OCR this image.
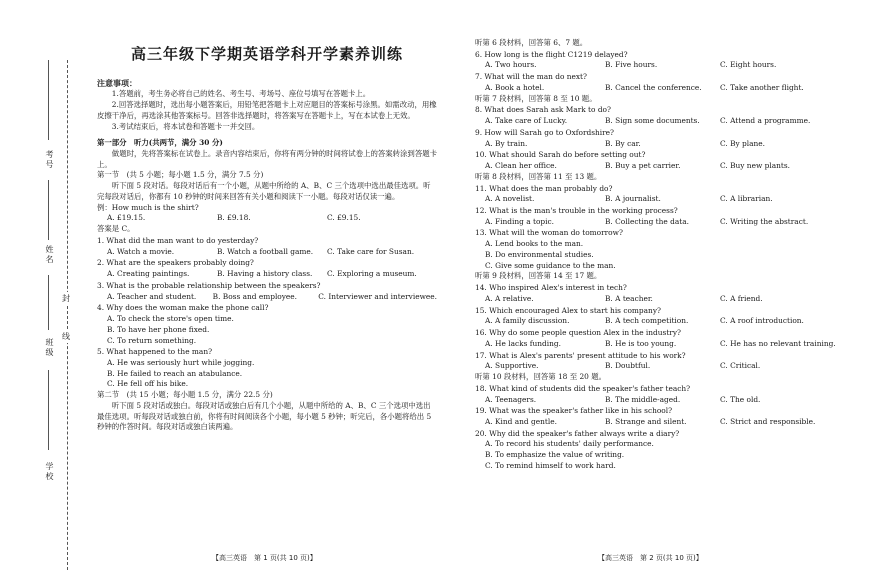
考号
姓名
班级
学校
封
线
高三年级下学期英语学科开学素养训练
注意事项：
1.答题前，考生务必将自己的姓名、考生号、考场号、座位号填写在答题卡上。
2.回答选择题时，选出每小题答案后，用铅笔把答题卡上对应题目的答案标号涂黑。如需改动，用橡皮擦干净后，再选涂其他答案标号。回答非选择题时，将答案写在答题卡上，写在本试卷上无效。
3.考试结束后，将本试卷和答题卡一并交回。
第一部分　听力(共两节，满分 30 分)
做题时，先将答案标在试卷上。录音内容结束后，你将有两分钟的时间将试卷上的答案转涂到答题卡上。
第一节　(共 5 小题；每小题 1.5 分，满分 7.5 分)
听下面 5 段对话。每段对话后有一个小题，从题中所给的 A、B、C 三个选项中选出最佳选项。听完每段对话后，你都有 10 秒钟的时间来回答有关小题和阅读下一小题。每段对话仅读一遍。
例：How much is the shirt?
A. £19.15.	B. £9.18.	C. £9.15.
答案是 C。
1. What did the man want to do yesterday?
A. Watch a movie.	B. Watch a football game.	C. Take care for Susan.
2. What are the speakers probably doing?
A. Creating paintings.	B. Having a history class.	C. Exploring a museum.
3. What is the probable relationship between the speakers?
A. Teacher and student.	B. Boss and employee.	C. Interviewer and interviewee.
4. Why does the woman make the phone call?
A. To check the store's open time.
B. To have her phone fixed.
C. To return something.
5. What happened to the man?
A. He was seriously hurt while jogging.
B. He failed to reach an atabulance.
C. He fell off his bike.
第二节　(共 15 小题；每小题 1.5 分，满分 22.5 分)
听下面 5 段对话或独白。每段对话或独白后有几个小题，从题中所给的 A、B、C 三个选项中选出最佳选项。听每段对话或独白前，你将有时间阅读各个小题，每小题 5 秒钟；听完后，各小题将给出 5 秒钟的作答时间。每段对话或独白读两遍。
听第 6 段材料，回答第 6、7 题。
6. How long is the flight C1219 delayed?
A. Two hours.	B. Five hours.	C. Eight hours.
7. What will the man do next?
A. Book a hotel.	B. Cancel the conference.	C. Take another flight.
听第 7 段材料，回答第 8 至 10 题。
8. What does Sarah ask Mark to do?
A. Take care of Lucky.	B. Sign some documents.	C. Attend a programme.
9. How will Sarah go to Oxfordshire?
A. By train.	B. By car.	C. By plane.
10. What should Sarah do before setting out?
A. Clean her office.	B. Buy a pet carrier.	C. Buy new plants.
听第 8 段材料，回答第 11 至 13 题。
11. What does the man probably do?
A. A novelist.	B. A journalist.	C. A librarian.
12. What is the man's trouble in the working process?
A. Finding a topic.	B. Collecting the data.	C. Writing the abstract.
13. What will the woman do tomorrow?
A. Lend books to the man.
B. Do environmental studies.
C. Give some guidance to the man.
听第 9 段材料，回答第 14 至 17 题。
14. Who inspired Alex's interest in tech?
A. A relative.	B. A teacher.	C. A friend.
15. Which encouraged Alex to start his company?
A. A family discussion.	B. A tech competition.	C. A roof introduction.
16. Why do some people question Alex in the industry?
A. He lacks funding.	B. He is too young.	C. He has no relevant training.
17. What is Alex's parents' present attitude to his work?
A. Supportive.	B. Doubtful.	C. Critical.
听第 10 段材料，回答第 18 至 20 题。
18. What kind of students did the speaker's father teach?
A. Teenagers.	B. The middle-aged.	C. The old.
19. What was the speaker's father like in his school?
A. Kind and gentle.	B. Strange and silent.	C. Strict and responsible.
20. Why did the speaker's father always write a diary?
A. To record his students' daily performance.
B. To emphasize the value of writing.
C. To remind himself to work hard.
【高三英语　第 1 页(共 10 页)】	【高三英语　第 2 页(共 10 页)】
